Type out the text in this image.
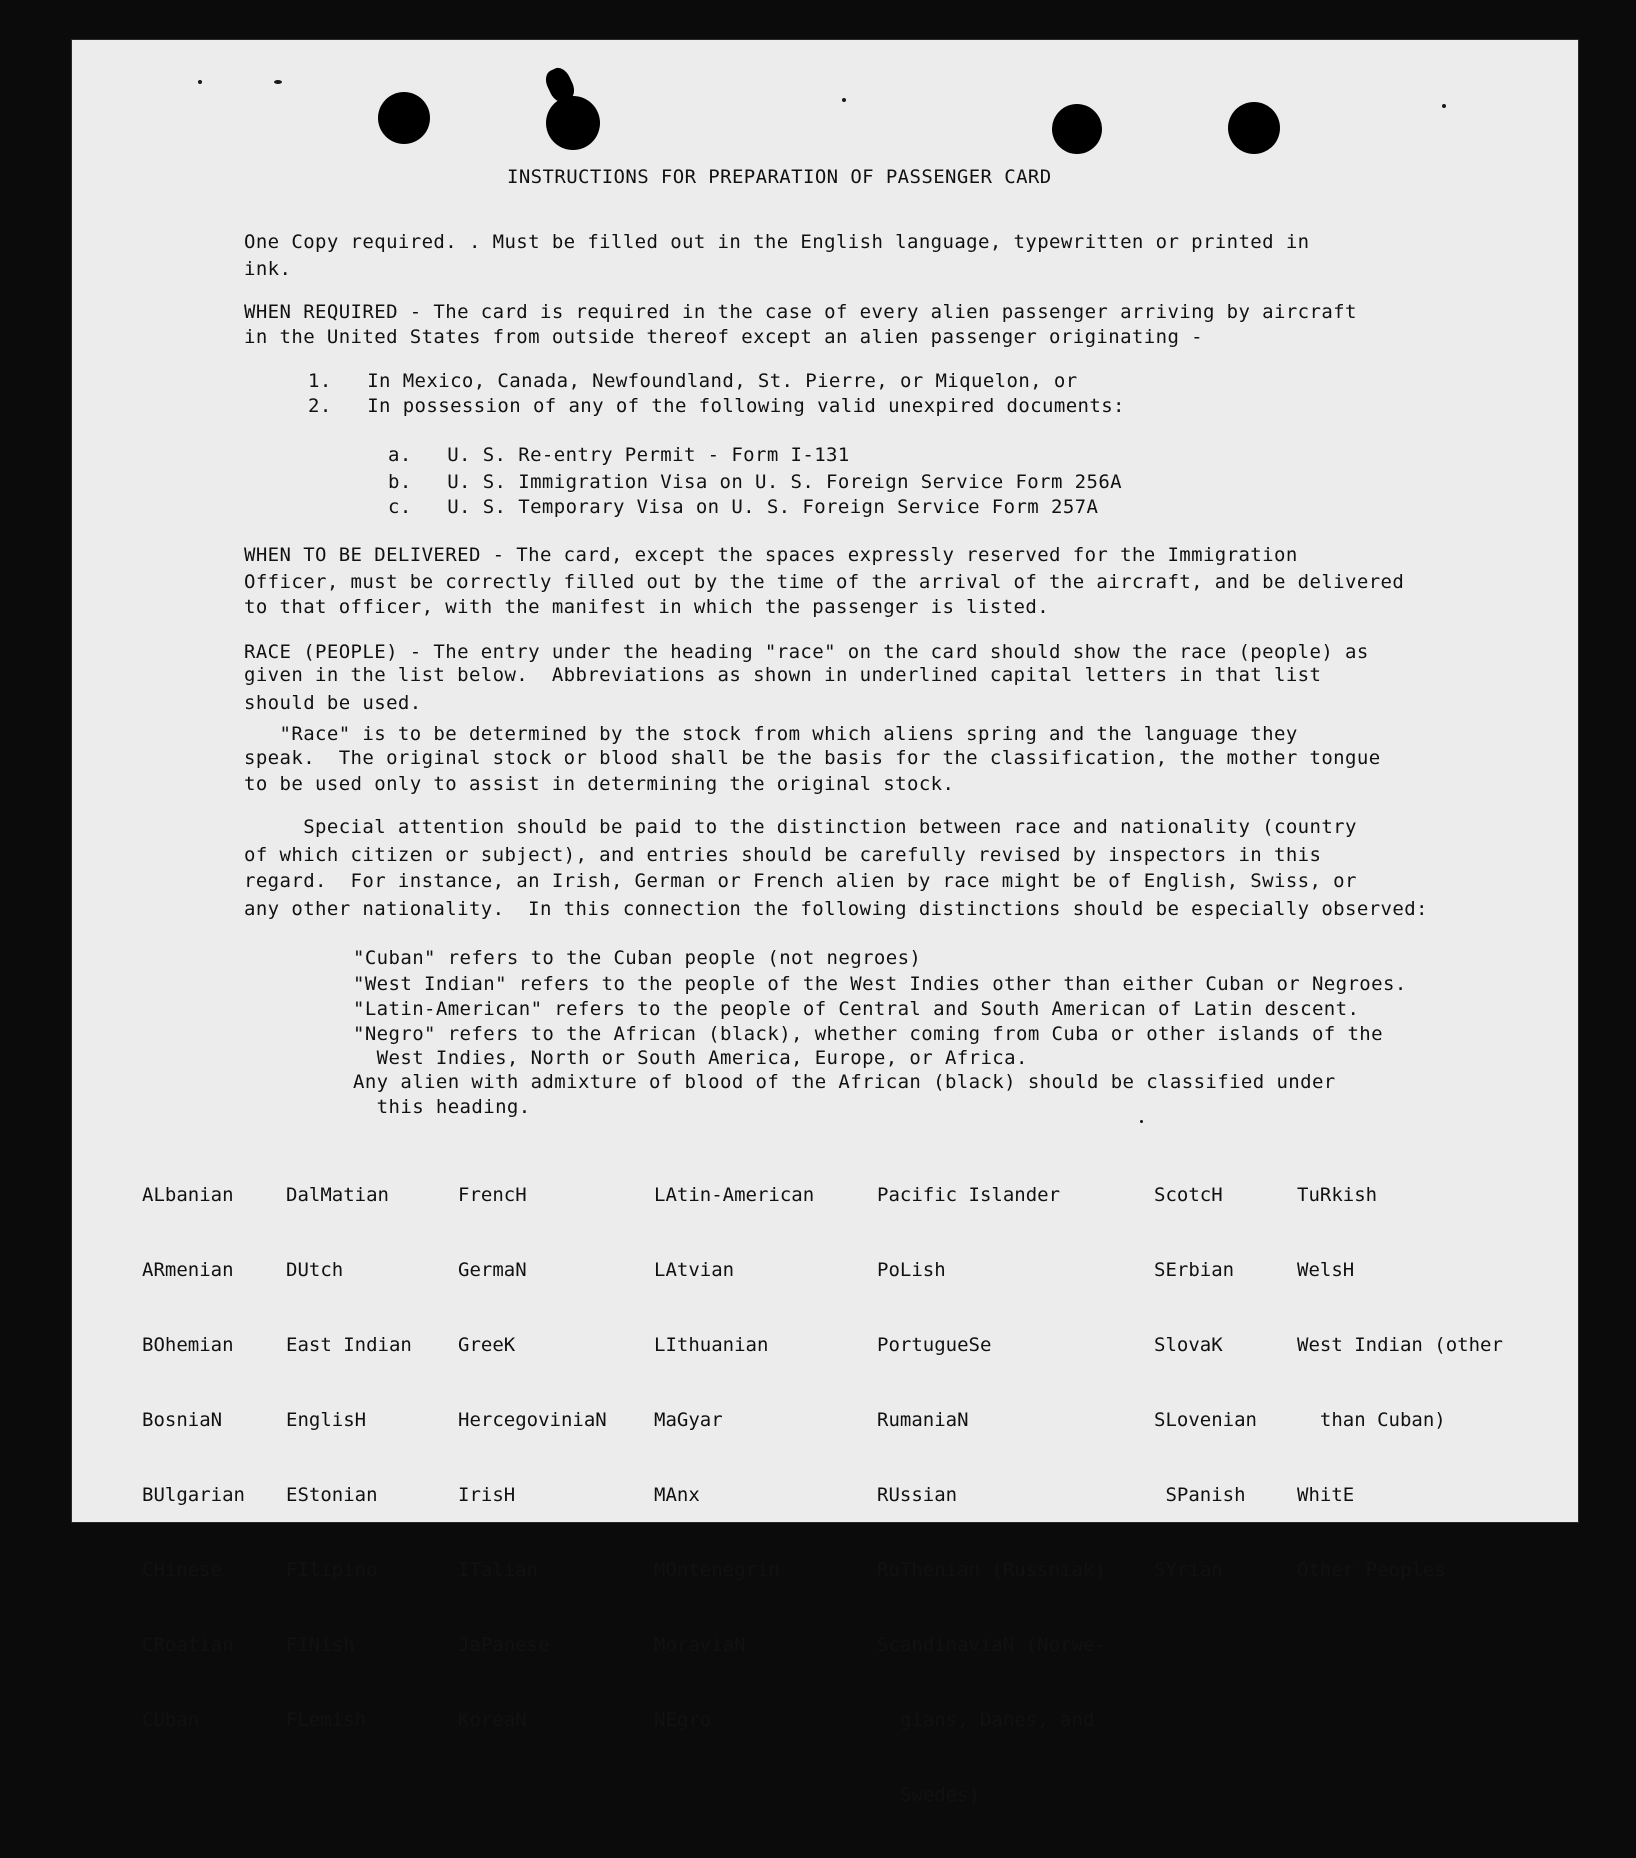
INSTRUCTIONS FOR PREPARATION OF PASSENGER CARD
One Copy required. . Must be filled out in the English language, typewritten or printed in
ink.
WHEN REQUIRED - The card is required in the case of every alien passenger arriving by aircraft
in the United States from outside thereof except an alien passenger originating -
1.   In Mexico, Canada, Newfoundland, St. Pierre, or Miquelon, or
2.   In possession of any of the following valid unexpired documents:
a.   U. S. Re-entry Permit - Form I-131
b.   U. S. Immigration Visa on U. S. Foreign Service Form 256A
c.   U. S. Temporary Visa on U. S. Foreign Service Form 257A
WHEN TO BE DELIVERED - The card, except the spaces expressly reserved for the Immigration
Officer, must be correctly filled out by the time of the arrival of the aircraft, and be delivered
to that officer, with the manifest in which the passenger is listed.
RACE (PEOPLE) - The entry under the heading "race" on the card should show the race (people) as
given in the list below.  Abbreviations as shown in underlined capital letters in that list
should be used.
"Race" is to be determined by the stock from which aliens spring and the language they
speak.  The original stock or blood shall be the basis for the classification, the mother tongue
to be used only to assist in determining the original stock.
Special attention should be paid to the distinction between race and nationality (country
of which citizen or subject), and entries should be carefully revised by inspectors in this
regard.  For instance, an Irish, German or French alien by race might be of English, Swiss, or
any other nationality.  In this connection the following distinctions should be especially observed:
"Cuban" refers to the Cuban people (not negroes)
"West Indian" refers to the people of the West Indies other than either Cuban or Negroes.
"Latin-American" refers to the people of Central and South American of Latin descent.
"Negro" refers to the African (black), whether coming from Cuba or other islands of the
West Indies, North or South America, Europe, or Africa.
Any alien with admixture of blood of the African (black) should be classified under
this heading.

ALbanian

ARmenian

BOhemian

BosniaN

BUlgarian

CHinese

CRoatian

CUban

DalMatian

DUtch

East Indian

EnglisH

EStonian

FIlipino

FINish

FLemish

FrencH

GermaN

GreeK

HercegoviniaN

IrisH

ITalian

JaPanese

KoreaN

LAtin-American

LAtvian

LIthuanian

MaGyar

MAnx

MOntenegrin

MoraviaN

NEgro

Pacific Islander

PoLish

PortugueSe

RumaniaN

RUssian

RuThenian (Russniak)

ScandinaviaN (Norwe-

gians, Danes, and

Swedes)

ScotcH

SErbian

SlovaK

SLovenian

SPanish

SYrian

TuRkish

WelsH

West Indian (other

than Cuban)

WhitE

Other Peoples
